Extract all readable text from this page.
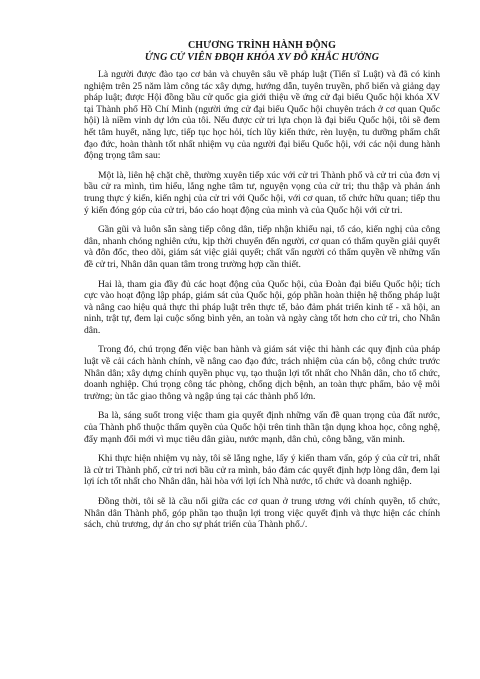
CHƯƠNG TRÌNH HÀNH ĐỘNG
ỨNG CỬ VIÊN ĐBQH KHÓA XV ĐỖ KHẮC HƯỞNG

Là người được đào tạo cơ bản và chuyên sâu về pháp luật (Tiến sĩ Luật) và đã có kinh nghiệm trên 25 năm làm công tác xây dựng, hướng dẫn, tuyên truyền, phổ biến và giảng dạy pháp luật; được Hội đồng bầu cử quốc gia giới thiệu về ứng cử đại biểu Quốc hội khóa XV tại Thành phố Hồ Chí Minh (người ứng cử đại biểu Quốc hội chuyên trách ở cơ quan Quốc hội) là niềm vinh dự lớn của tôi. Nếu được cử tri lựa chọn là đại biểu Quốc hội, tôi sẽ đem hết tâm huyết, năng lực, tiếp tục học hỏi, tích lũy kiến thức, rèn luyện, tu dưỡng phẩm chất đạo đức, hoàn thành tốt nhất nhiệm vụ của người đại biểu Quốc hội, với các nội dung hành động trọng tâm sau:

Một là, liên hệ chặt chẽ, thường xuyên tiếp xúc với cử tri Thành phố và cử tri của đơn vị bầu cử ra mình, tìm hiểu, lắng nghe tâm tư, nguyện vọng của cử tri; thu thập và phản ánh trung thực ý kiến, kiến nghị của cử tri với Quốc hội, với cơ quan, tổ chức hữu quan; tiếp thu ý kiến đóng góp của cử tri, báo cáo hoạt động của mình và của Quốc hội với cử tri.

Gần gũi và luôn sẵn sàng tiếp công dân, tiếp nhận khiếu nại, tố cáo, kiến nghị của công dân, nhanh chóng nghiên cứu, kịp thời chuyển đến người, cơ quan có thẩm quyền giải quyết và đôn đốc, theo dõi, giám sát việc giải quyết; chất vấn người có thẩm quyền về những vấn đề cử tri, Nhân dân quan tâm trong trường hợp cần thiết.

Hai là, tham gia đầy đủ các hoạt động của Quốc hội, của Đoàn đại biểu Quốc hội; tích cực vào hoạt động lập pháp, giám sát của Quốc hội, góp phần hoàn thiện hệ thống pháp luật và nâng cao hiệu quả thực thi pháp luật trên thực tế, bảo đảm phát triển kinh tế - xã hội, an ninh, trật tự, đem lại cuộc sống bình yên, an toàn và ngày càng tốt hơn cho cử tri, cho Nhân dân.

Trong đó, chú trọng đến việc ban hành và giám sát việc thi hành các quy định của pháp luật về cải cách hành chính, về nâng cao đạo đức, trách nhiệm của cán bộ, công chức trước Nhân dân; xây dựng chính quyền phục vụ, tạo thuận lợi tốt nhất cho Nhân dân, cho tổ chức, doanh nghiệp. Chú trọng công tác phòng, chống dịch bệnh, an toàn thực phẩm, bảo vệ môi trường; ùn tắc giao thông và ngập úng tại các thành phố lớn.

Ba là, sáng suốt trong việc tham gia quyết định những vấn đề quan trọng của đất nước, của Thành phố thuộc thẩm quyền của Quốc hội trên tinh thần tận dụng khoa học, công nghệ, đẩy mạnh đổi mới vì mục tiêu dân giàu, nước mạnh, dân chủ, công bằng, văn minh.

Khi thực hiện nhiệm vụ này, tôi sẽ lắng nghe, lấy ý kiến tham vấn, góp ý của cử tri, nhất là cử tri Thành phố, cử tri nơi bầu cử ra mình, bảo đảm các quyết định hợp lòng dân, đem lại lợi ích tốt nhất cho Nhân dân, hài hòa với lợi ích Nhà nước, tổ chức và doanh nghiệp.

Đồng thời, tôi sẽ là cầu nối giữa các cơ quan ở trung ương với chính quyền, tổ chức, Nhân dân Thành phố, góp phần tạo thuận lợi trong việc quyết định và thực hiện các chính sách, chủ trương, dự án cho sự phát triển của Thành phố./.
